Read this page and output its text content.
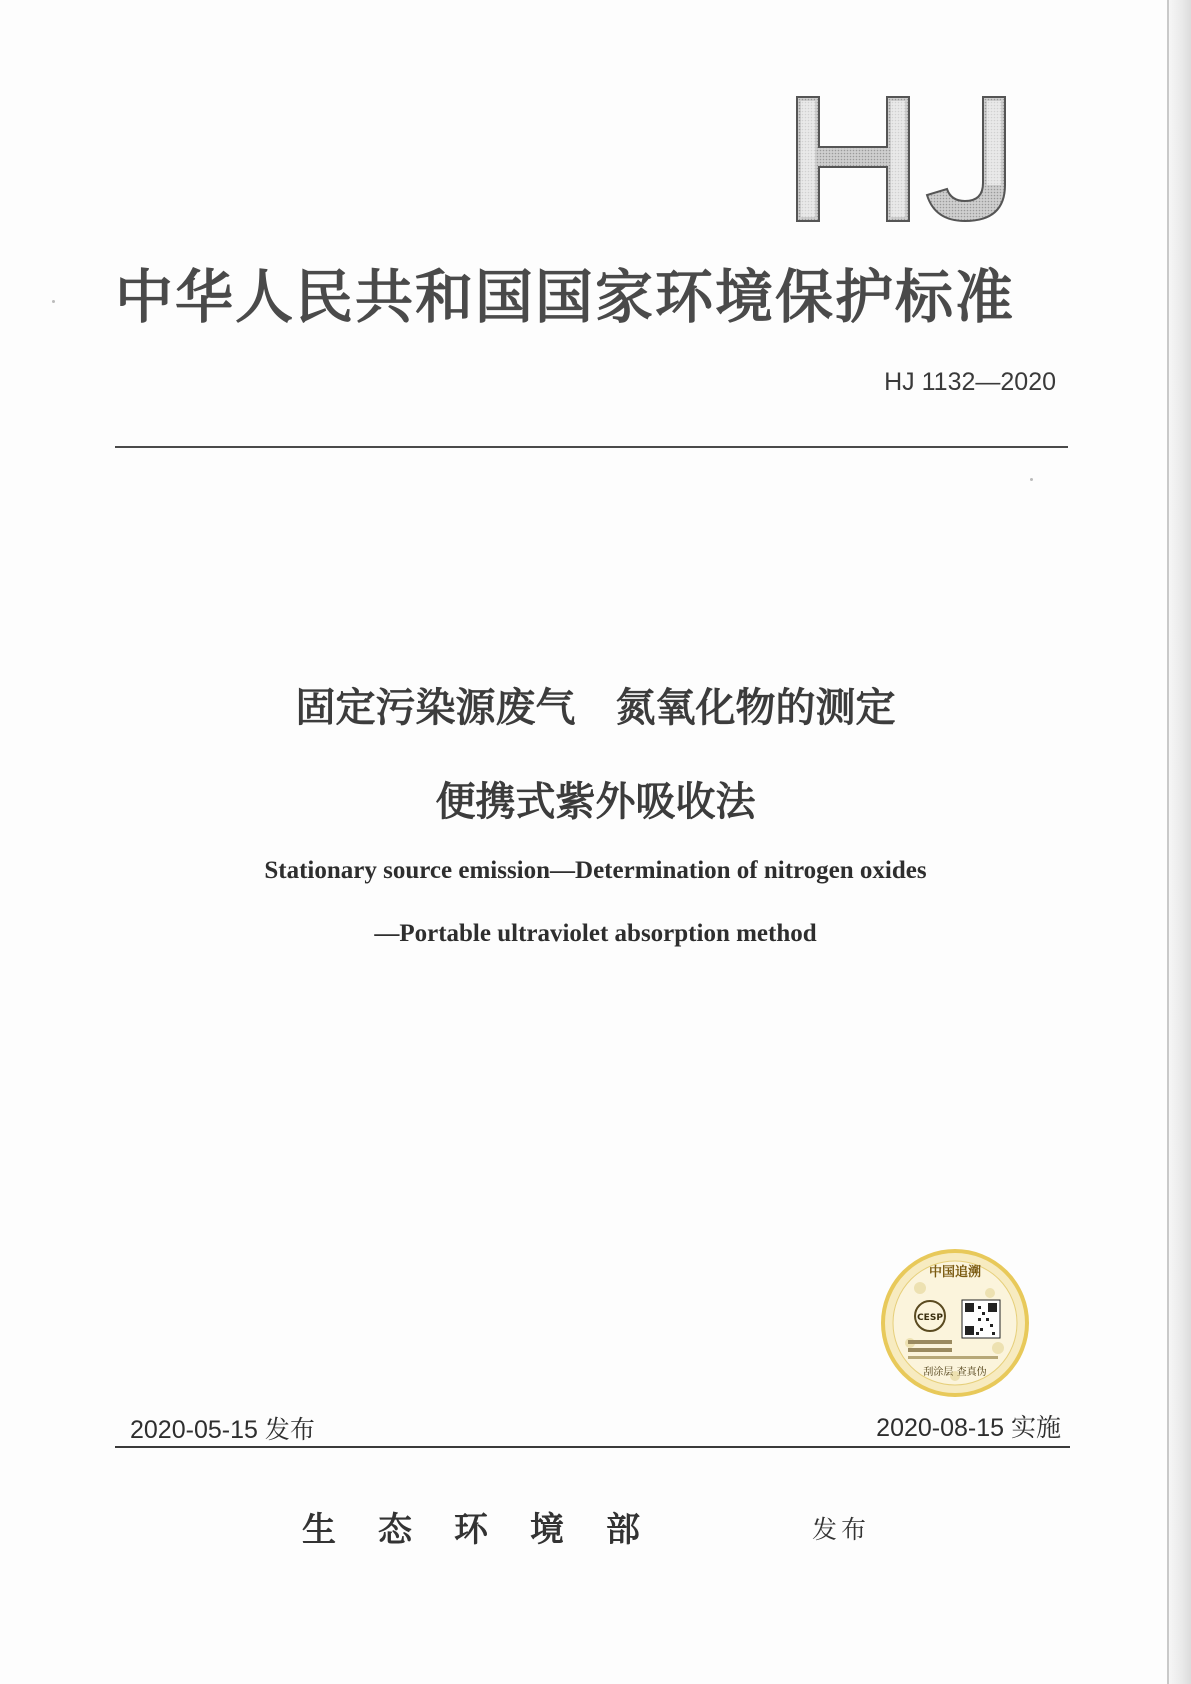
中华人民共和国国家环境保护标准
HJ 1132—2020
固定污染源废气　氮氧化物的测定
便携式紫外吸收法
Stationary source emission—Determination of nitrogen oxides
—Portable ultraviolet absorption method
中国追溯
CESP
刮涂层 查真伪
2020-05-15 发布	2020-08-15 实施
生　态　环　境　部	发布
